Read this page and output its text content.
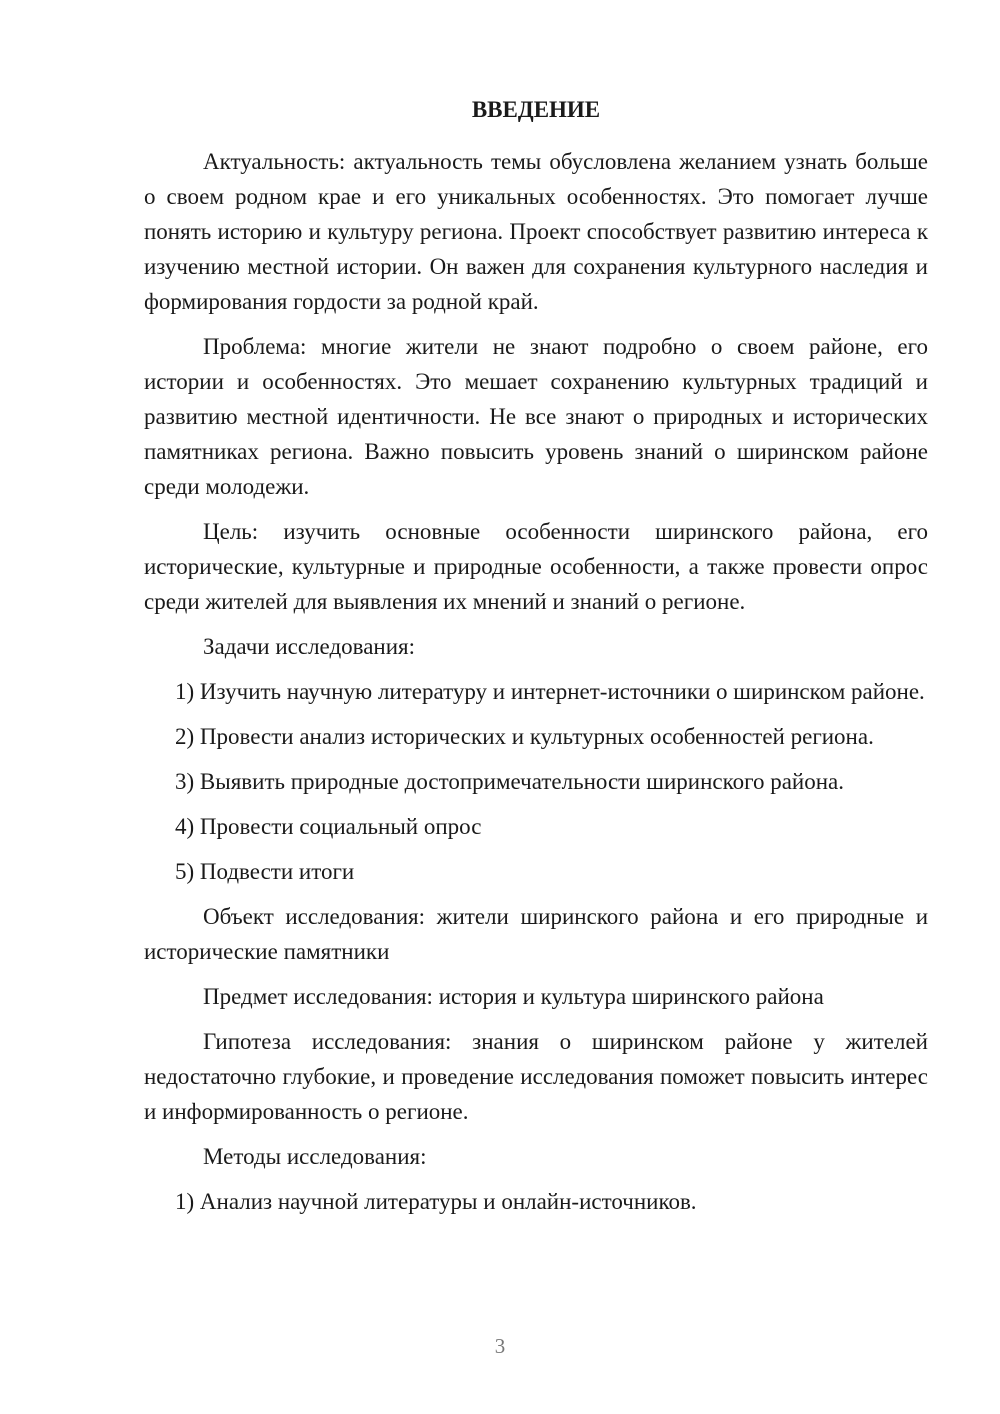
ВВЕДЕНИЕ

Актуальность: актуальность темы обусловлена желанием узнать больше о своем родном крае и его уникальных особенностях. Это помогает лучше понять историю и культуру региона. Проект способствует развитию интереса к изучению местной истории. Он важен для сохранения культурного наследия и формирования гордости за родной край.

Проблема: многие жители не знают подробно о своем районе, его истории и особенностях. Это мешает сохранению культурных традиций и развитию местной идентичности. Не все знают о природных и исторических памятниках региона. Важно повысить уровень знаний о ширинском районе среди молодежи.

Цель: изучить основные особенности ширинского района, его исторические, культурные и природные особенности, а также провести опрос среди жителей для выявления их мнений и знаний о регионе.

Задачи исследования:

1) Изучить научную литературу и интернет-источники о ширинском районе.

2) Провести анализ исторических и культурных особенностей региона.

3) Выявить природные достопримечательности ширинского района.

4) Провести социальный опрос

5) Подвести итоги

Объект исследования: жители ширинского района и его природные и исторические памятники

Предмет исследования: история и культура ширинского района

Гипотеза исследования: знания о ширинском районе у жителей недостаточно глубокие, и проведение исследования поможет повысить интерес и информированность о регионе.

Методы исследования:

1) Анализ научной литературы и онлайн-источников.

3
